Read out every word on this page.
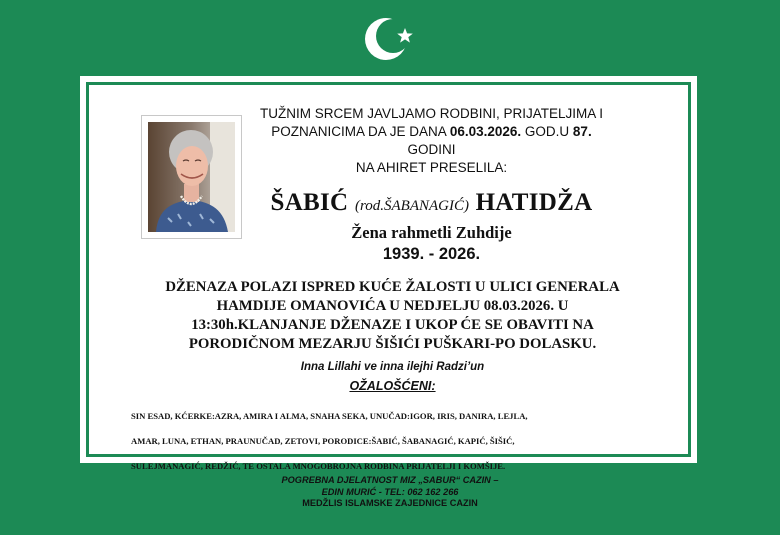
TUŽNIM SRCEM JAVLJAMO RODBINI, PRIJATELJIMA I
POZNANICIMA DA JE DANA 06.03.2026. GOD.U 87. GODINI
NA AHIRET PRESELILA:
ŠABIĆ (rod.ŠABANAGIĆ) HATIDŽA
Žena rahmetli Zuhdije
1939. - 2026.
DŽENAZA POLAZI ISPRED KUĆE ŽALOSTI U ULICI GENERALA
HAMDIJE OMANOVIĆA U NEDJELJU 08.03.2026. U
13:30h.KLANJANJE DŽENAZE I UKOP ĆE SE OBAVITI NA
PORODIČNOM MEZARJU ŠIŠIĆI PUŠKARI-PO DOLASKU.
Inna Lillahi ve inna ilejhi Radzi’un
OŽALOŠĆENI:

SIN ESAD, KĆERKE:AZRA, AMIRA I ALMA, SNAHA SEKA, UNUČAD:IGOR, IRIS, DANIRA, LEJLA,

AMAR, LUNA, ETHAN, PRAUNUČAD, ZETOVI, PORODICE:ŠABIĆ, ŠABANAGIĆ, KAPIĆ, ŠIŠIĆ,

SULEJMANAGIĆ, REDŽIĆ, TE OSTALA MNOGOBROJNA RODBINA PRIJATELJI I KOMŠIJE.

POGREBNA DJELATNOST MIZ „SABUR“ CAZIN –
EDIN MURIĆ - TEL: 062 162 266
MEDŽLIS ISLAMSKE ZAJEDNICE CAZIN
